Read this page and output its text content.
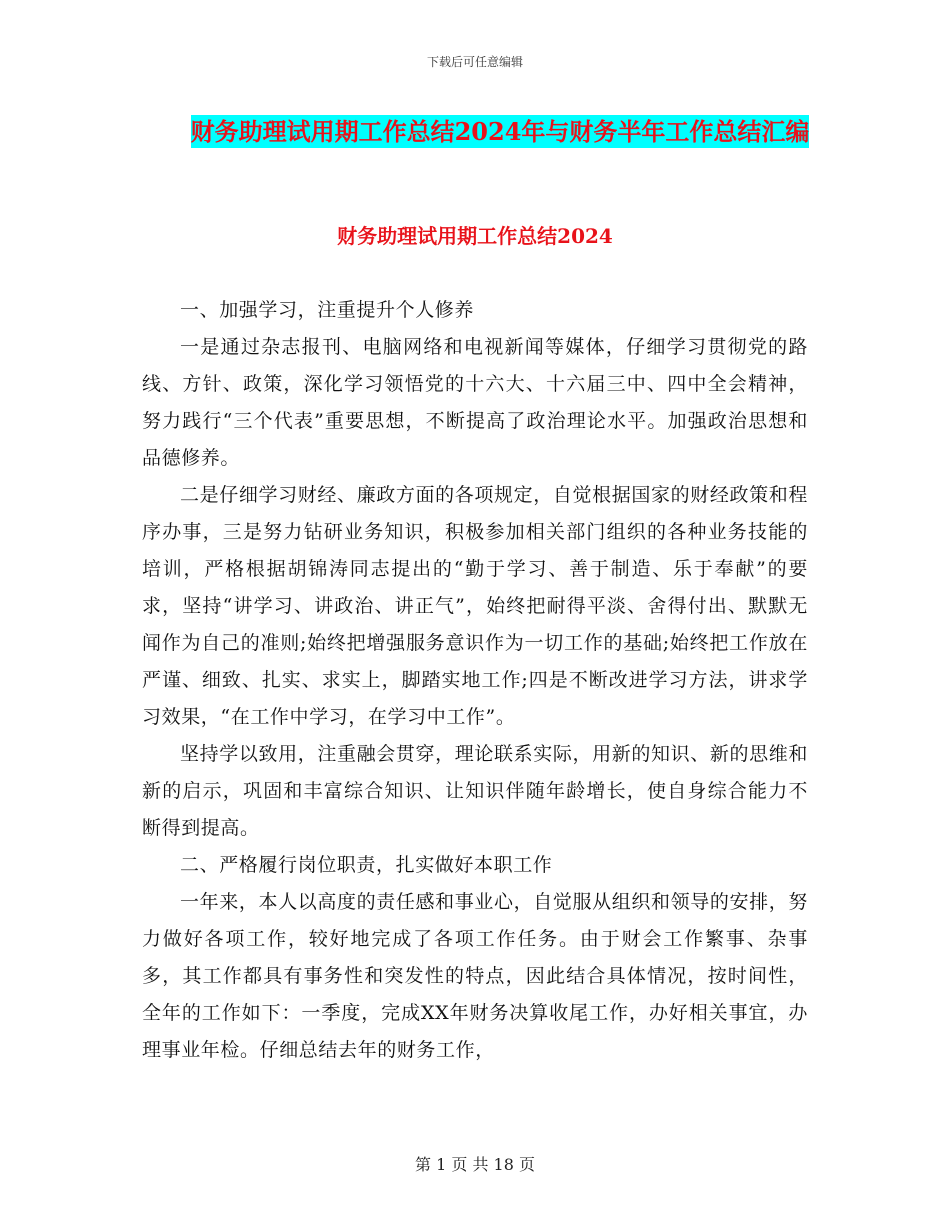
下载后可任意编辑
财务助理试用期工作总结2024年与财务半年工作总结汇编
财务助理试用期工作总结2024

一、加强学习，注重提升个人修养

一是通过杂志报刊、电脑网络和电视新闻等媒体，仔细学习贯彻党的路线、方针、政策，深化学习领悟党的十六大、十六届三中、四中全会精神，努力践行“三个代表”重要思想，不断提高了政治理论水平。加强政治思想和品德修养。

二是仔细学习财经、廉政方面的各项规定，自觉根据国家的财经政策和程序办事，三是努力钻研业务知识，积极参加相关部门组织的各种业务技能的培训，严格根据胡锦涛同志提出的“勤于学习、善于制造、乐于奉献”的要求，坚持“讲学习、讲政治、讲正气”，始终把耐得平淡、舍得付出、默默无闻作为自己的准则;始终把增强服务意识作为一切工作的基础;始终把工作放在严谨、细致、扎实、求实上，脚踏实地工作;四是不断改进学习方法，讲求学习效果，“在工作中学习，在学习中工作”。

坚持学以致用，注重融会贯穿，理论联系实际，用新的知识、新的思维和新的启示，巩固和丰富综合知识、让知识伴随年龄增长，使自身综合能力不断得到提高。

二、严格履行岗位职责，扎实做好本职工作

一年来，本人以高度的责任感和事业心，自觉服从组织和领导的安排，努力做好各项工作，较好地完成了各项工作任务。由于财会工作繁事、杂事多，其工作都具有事务性和突发性的特点，因此结合具体情况，按时间性，全年的工作如下：一季度，完成XX年财务决算收尾工作，办好相关事宜，办理事业年检。仔细总结去年的财务工作，

第 1 页 共 18 页
